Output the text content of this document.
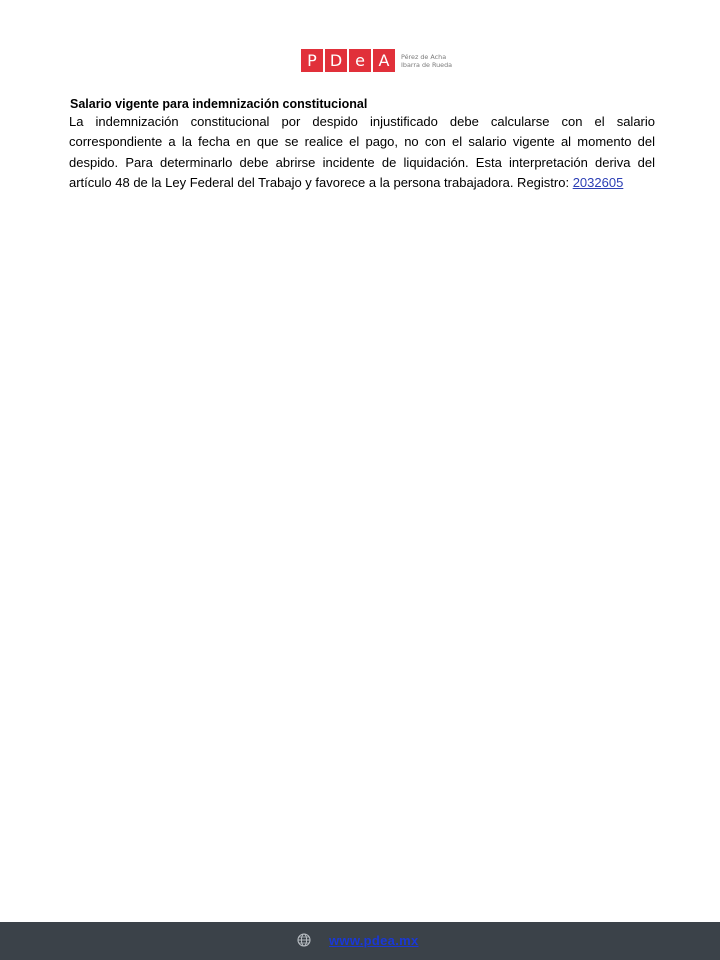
P D e A	Pérez de Acha
Ibarra de Rueda

Salario vigente para indemnización constitucional

La indemnización constitucional por despido injustificado debe calcularse con el salario correspondiente a la fecha en que se realice el pago, no con el salario vigente al momento del despido. Para determinarlo debe abrirse incidente de liquidación. Esta interpretación deriva del artículo 48 de la Ley Federal del Trabajo y favorece a la persona trabajadora. Registro: 2032605

www.pdea.mx
